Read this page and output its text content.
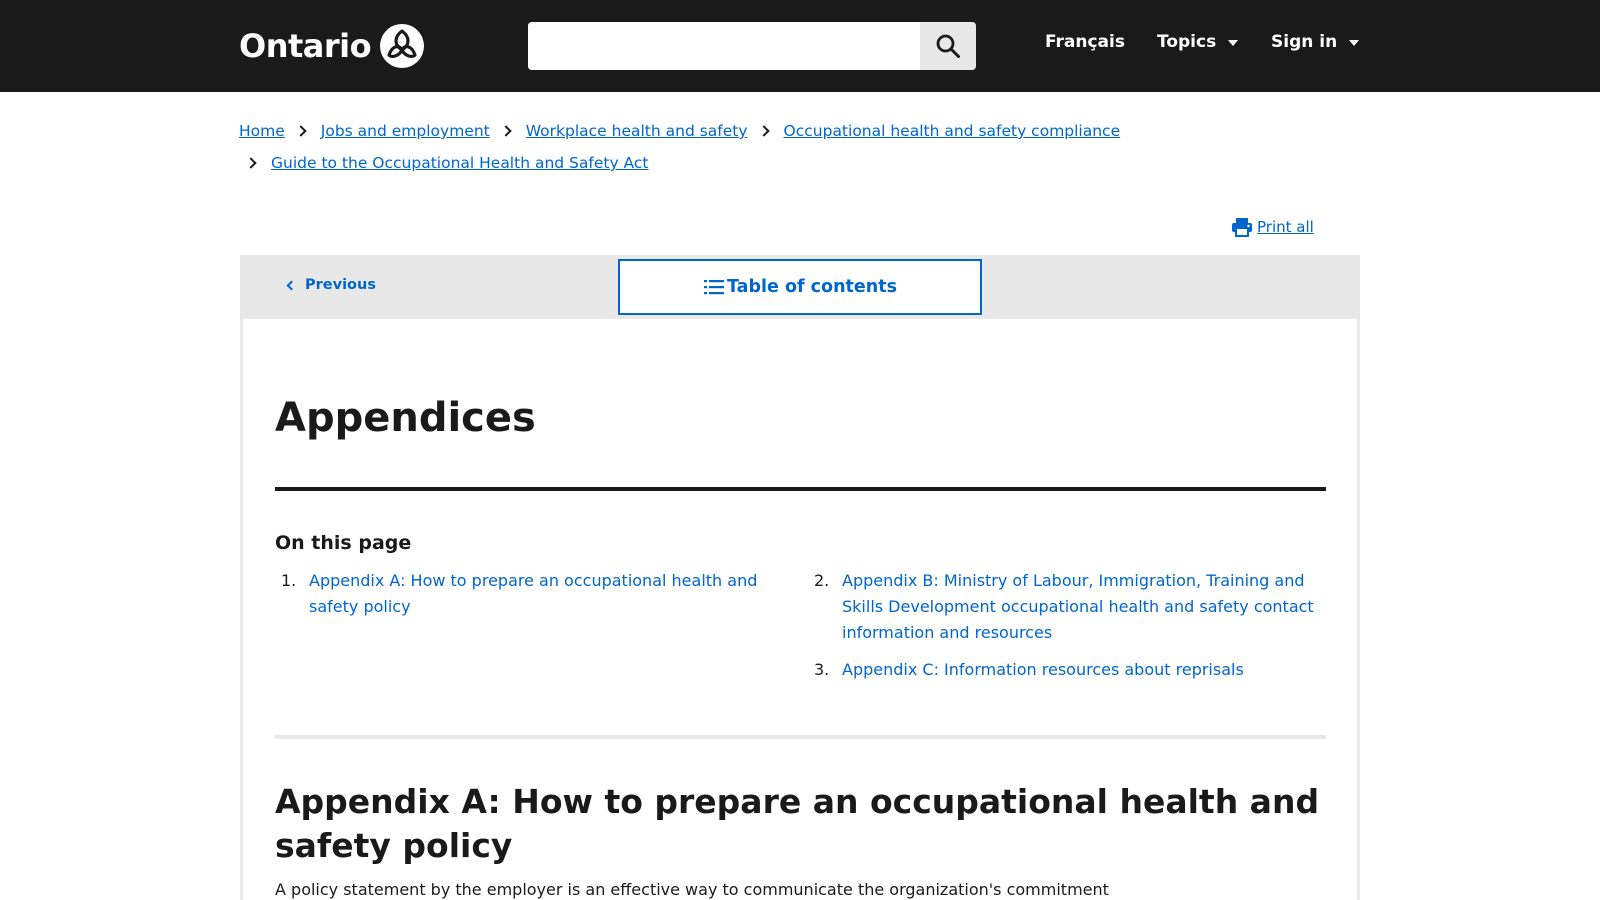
Ontario	Français Topics	Sign in
Home Jobs and employment Workplace health and safety Occupational health and safety compliance
Guide to the Occupational Health and Safety Act
Print all
Previous	Table of contents
Appendices
On this page
1. Appendix A: How to prepare an occupational health and safety policy
2. Appendix B: Ministry of Labour, Immigration, Training and Skills Development occupational health and safety contact information and resources
3. Appendix C: Information resources about reprisals
Appendix A: How to prepare an occupational health and safety policy

A policy statement by the employer is an effective way to communicate the organization's commitment
